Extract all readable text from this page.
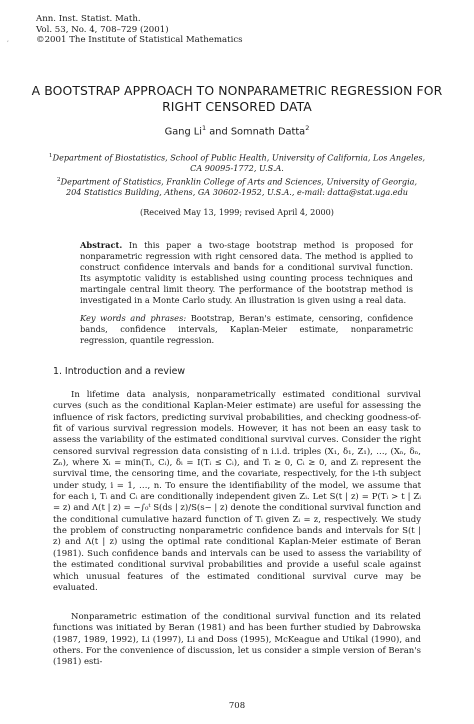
,
Ann. Inst. Statist. Math.
Vol. 53, No. 4, 708–729 (2001)
©2001 The Institute of Statistical Mathematics
A BOOTSTRAP APPROACH TO NONPARAMETRIC REGRESSION FOR
RIGHT CENSORED DATA
Gang Li$^1$ and Somnath Datta$^2$
$^1$Department of Biostatistics, School of Public Health, University of California, Los Angeles,
CA 90095-1772, U.S.A.
$^2$Department of Statistics, Franklin College of Arts and Sciences, University of Georgia,
204 Statistics Building, Athens, GA 30602-1952, U.S.A., e-mail: datta@stat.uga.edu
(Received May 13, 1999; revised April 4, 2000)
Abstract. In this paper a two-stage bootstrap method is proposed for nonparametric regression with right censored data. The method is applied to construct confidence intervals and bands for a conditional survival function. Its asymptotic validity is established using counting process techniques and martingale central limit theory. The performance of the bootstrap method is investigated in a Monte Carlo study. An illustration is given using a real data.
Key words and phrases: Bootstrap, Beran's estimate, censoring, confidence bands, confidence intervals, Kaplan-Meier estimate, nonparametric regression, quantile regression.
1. Introduction and a review

In lifetime data analysis, nonparametrically estimated conditional survival curves (such as the conditional Kaplan-Meier estimate) are useful for assessing the influence of risk factors, predicting survival probabilities, and checking goodness-of-fit of various survival regression models. However, it has not been an easy task to assess the variability of the estimated conditional survival curves. Consider the right censored survival regression data consisting of n i.i.d. triples (X₁, δ₁, Z₁), …, (Xₙ, δₙ, Zₙ), where Xᵢ = min(Tᵢ, Cᵢ), δᵢ = I(Tᵢ ≤ Cᵢ), and Tᵢ ≥ 0, Cᵢ ≥ 0, and Zᵢ represent the survival time, the censoring time, and the covariate, respectively, for the i-th subject under study, i = 1, …, n. To ensure the identifiability of the model, we assume that for each i, Tᵢ and Cᵢ are conditionally independent given Zᵢ. Let S(t | z) = P(Tᵢ > t | Zᵢ = z) and Λ(t | z) = −∫₀ᵗ S(ds | z)/S(s− | z) denote the conditional survival function and the conditional cumulative hazard function of Tᵢ given Zᵢ = z, respectively. We study the problem of constructing nonparametric confidence bands and intervals for S(t | z) and Λ(t | z) using the optimal rate conditional Kaplan-Meier estimate of Beran (1981). Such confidence bands and intervals can be used to assess the variability of the estimated conditional survival probabilities and provide a useful scale against which unusual features of the estimated conditional survival curve may be evaluated.

Nonparametric estimation of the conditional survival function and its related functions was initiated by Beran (1981) and has been further studied by Dabrowska (1987, 1989, 1992), Li (1997), Li and Doss (1995), McKeague and Utikal (1990), and others. For the convenience of discussion, let us consider a simple version of Beran's (1981) esti-

708
